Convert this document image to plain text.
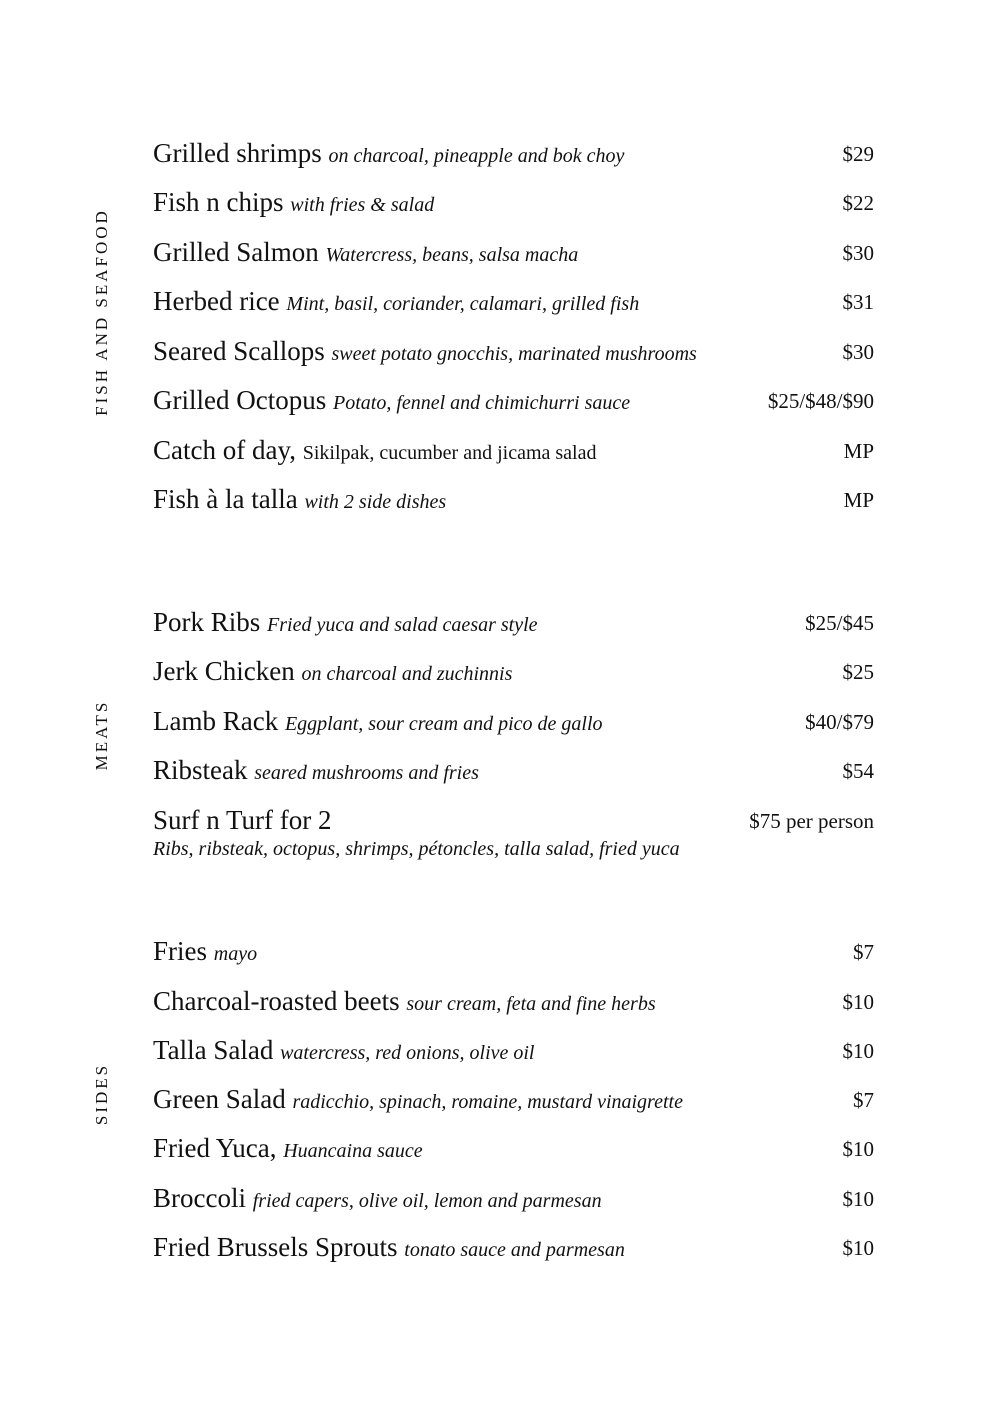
FISH AND SEAFOOD
MEATS
SIDES
Grilled shrimps on charcoal, pineapple and bok choy	$29
Fish n chips with fries & salad	$22
Grilled Salmon Watercress, beans, salsa macha	$30
Herbed rice Mint, basil, coriander, calamari, grilled fish	$31
Seared Scallops sweet potato gnocchis, marinated mushrooms	$30
Grilled Octopus Potato, fennel and chimichurri sauce	$25/$48/$90
Catch of day, Sikilpak, cucumber and jicama salad	MP
Fish à la talla with 2 side dishes	MP
Pork Ribs Fried yuca and salad caesar style	$25/$45
Jerk Chicken on charcoal and zuchinnis	$25
Lamb Rack Eggplant, sour cream and pico de gallo	$40/$79
Ribsteak seared mushrooms and fries	$54
Surf n Turf for 2	$75 per person
Ribs, ribsteak, octopus, shrimps, pétoncles, talla salad, fried yuca
Fries mayo	$7
Charcoal-roasted beets sour cream, feta and fine herbs	$10
Talla Salad watercress, red onions, olive oil	$10
Green Salad radicchio, spinach, romaine, mustard vinaigrette	$7
Fried Yuca, Huancaina sauce	$10
Broccoli fried capers, olive oil, lemon and parmesan	$10
Fried Brussels Sprouts tonato sauce and parmesan	$10
